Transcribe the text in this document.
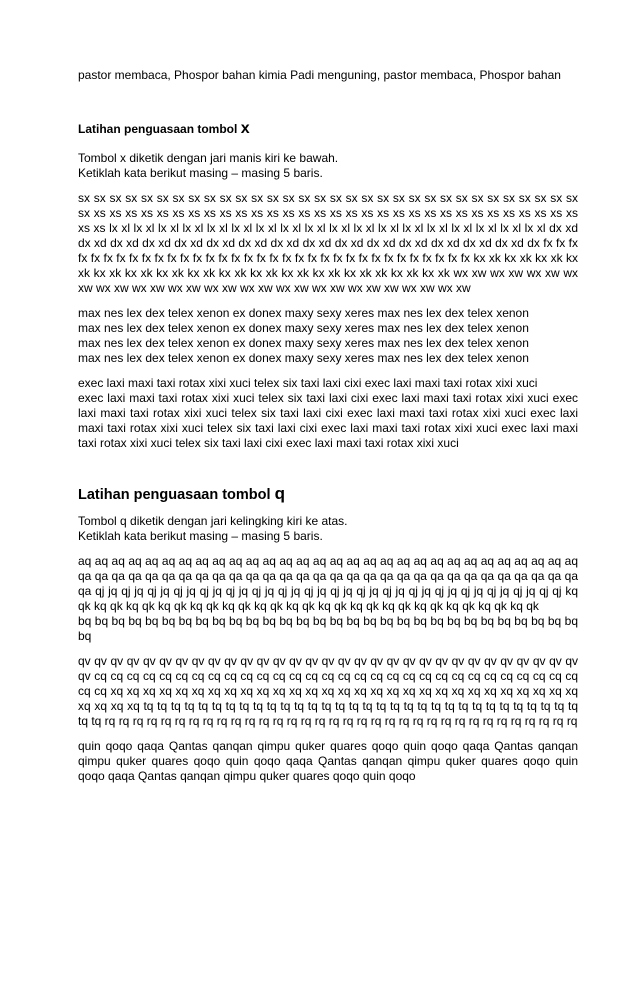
pastor membaca, Phospor bahan kimia Padi menguning, pastor membaca, Phospor bahan

Latihan penguasaan tombol x
Tombol x diketik dengan jari manis kiri ke bawah.
Ketiklah kata berikut masing – masing 5 baris.

sx sx sx sx sx sx sx sx sx sx sx sx sx sx sx sx sx sx sx sx sx sx sx sx sx sx sx sx sx sx sx sx sx xs xs xs xs xs xs xs xs xs xs xs xs xs xs xs xs xs xs xs xs xs xs xs xs xs xs xs xs xs xs xs xs xs lx xl lx xl lx xl lx xl lx xl lx xl lx xl lx xl lx xl lx xl lx xl lx xl lx xl lx xl lx xl lx xl lx xl lx xl dx xd dx xd dx xd dx xd dx xd dx xd dx xd dx xd dx xd dx xd dx xd dx xd dx xd dx xd dx xd dx fx fx fx fx fx fx fx fx fx fx fx fx fx fx fx fx fx fx fx fx fx fx fx fx fx fx fx fx fx fx fx fx fx fx kx xk kx xk kx xk kx xk kx xk kx xk kx xk kx xk kx xk kx xk kx xk kx xk kx xk xk kx xk kx xk wx xw wx xw wx xw wx xw wx xw wx xw wx xw wx xw wx xw wx xw wx xw wx xw xw wx xw wx xw

max nes lex dex telex xenon ex donex maxy sexy xeres max nes lex dex telex xenon
max nes lex dex telex xenon ex donex maxy sexy xeres max nes lex dex telex xenon
max nes lex dex telex xenon ex donex maxy sexy xeres max nes lex dex telex xenon
max nes lex dex telex xenon ex donex maxy sexy xeres max nes lex dex telex xenon
exec laxi maxi taxi rotax xixi xuci telex six taxi laxi cixi exec laxi maxi taxi rotax xixi xuci
exec laxi maxi taxi rotax xixi xuci telex six taxi laxi cixi exec laxi maxi taxi rotax xixi xuci exec laxi maxi taxi rotax xixi xuci telex six taxi laxi cixi exec laxi maxi taxi rotax xixi xuci exec laxi maxi taxi rotax xixi xuci telex six taxi laxi cixi exec laxi maxi taxi rotax xixi xuci exec laxi maxi taxi rotax xixi xuci telex six taxi laxi cixi exec laxi maxi taxi rotax xixi xuci
Latihan penguasaan tombol q
Tombol q diketik dengan jari kelingking kiri ke atas.
Ketiklah kata berikut masing – masing 5 baris.
aq aq aq aq aq aq aq aq aq aq aq aq aq aq aq aq aq aq aq aq aq aq aq aq aq aq aq aq aq aq qa qa qa qa qa qa qa qa qa qa qa qa qa qa qa qa qa qa qa qa qa qa qa qa qa qa qa qa qa qa qa qj jq qj jq qj jq qj jq qj jq qj jq qj jq qj jq qj jq qj jq qj jq qj jq qj jq qj jq qj jq qj jq qj jq qj qj kq qk kq qk kq qk kq qk kq qk kq qk kq qk kq qk kq qk kq qk kq qk kq qk kq qk kq qk kq qk
bq bq bq bq bq bq bq bq bq bq bq bq bq bq bq bq bq bq bq bq bq bq bq bq bq bq bq bq bq bq bq

qv qv qv qv qv qv qv qv qv qv qv qv qv qv qv qv qv qv qv qv qv qv qv qv qv qv qv qv qv qv qv qv cq cq cq cq cq cq cq cq cq cq cq cq cq cq cq cq cq cq cq cq cq cq cq cq cq cq cq cq cq cq cq cq xq xq xq xq xq xq xq xq xq xq xq xq xq xq xq xq xq xq xq xq xq xq xq xq xq xq xq xq xq xq xq xq xq tq tq tq tq tq tq tq tq tq tq tq tq tq tq tq tq tq tq tq tq tq tq tq tq tq tq tq tq tq tq tq tq tq tq rq rq rq rq rq rq rq rq rq rq rq rq rq rq rq rq rq rq rq rq rq rq rq rq rq rq rq rq rq rq rq rq rq rq

quin qoqo qaqa Qantas qanqan qimpu quker quares qoqo quin qoqo qaqa Qantas qanqan qimpu quker quares qoqo quin qoqo qaqa Qantas qanqan qimpu quker quares qoqo quin qoqo qaqa Qantas qanqan qimpu quker quares qoqo quin qoqo
